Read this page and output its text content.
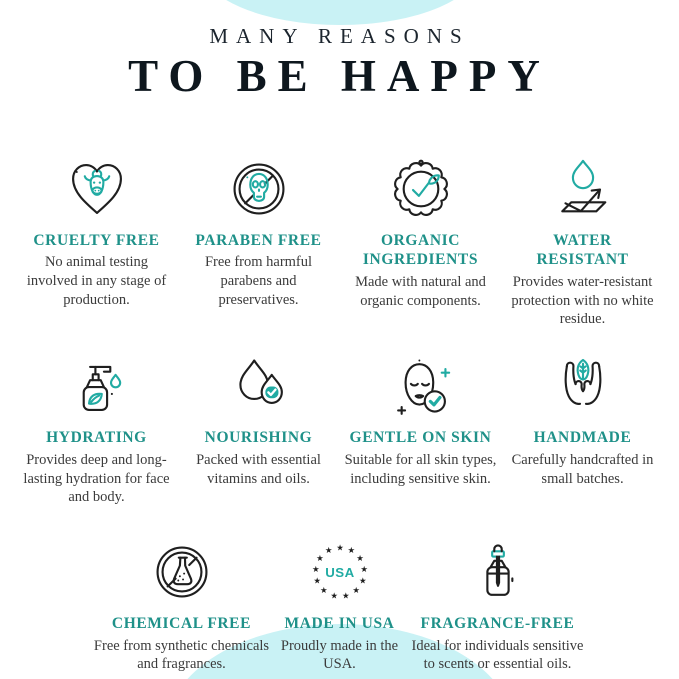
MANY REASONS

TO BE HAPPY
CRUELTY FREE

No animal testing involved in any stage of production.

PARABEN FREE

Free from harmful parabens and preservatives.

ORGANIC INGREDIENTS

Made with natural and organic components.

WATER RESISTANT

Provides water-resistant protection with no white residue.

HYDRATING

Provides deep and long-lasting hydration for face and body.

NOURISHING

Packed with essential vitamins and oils.

GENTLE ON SKIN

Suitable for all skin types, including sensitive skin.

HANDMADE

Carefully handcrafted in small batches.

CHEMICAL FREE

Free from synthetic chemicals and fragrances.

★ ★
★
★
★
★
★
★
★
★
★
★
★
USA
MADE IN USA

Proudly made in the USA.

FRAGRANCE-FREE

Ideal for individuals sensitive to scents or essential oils.
